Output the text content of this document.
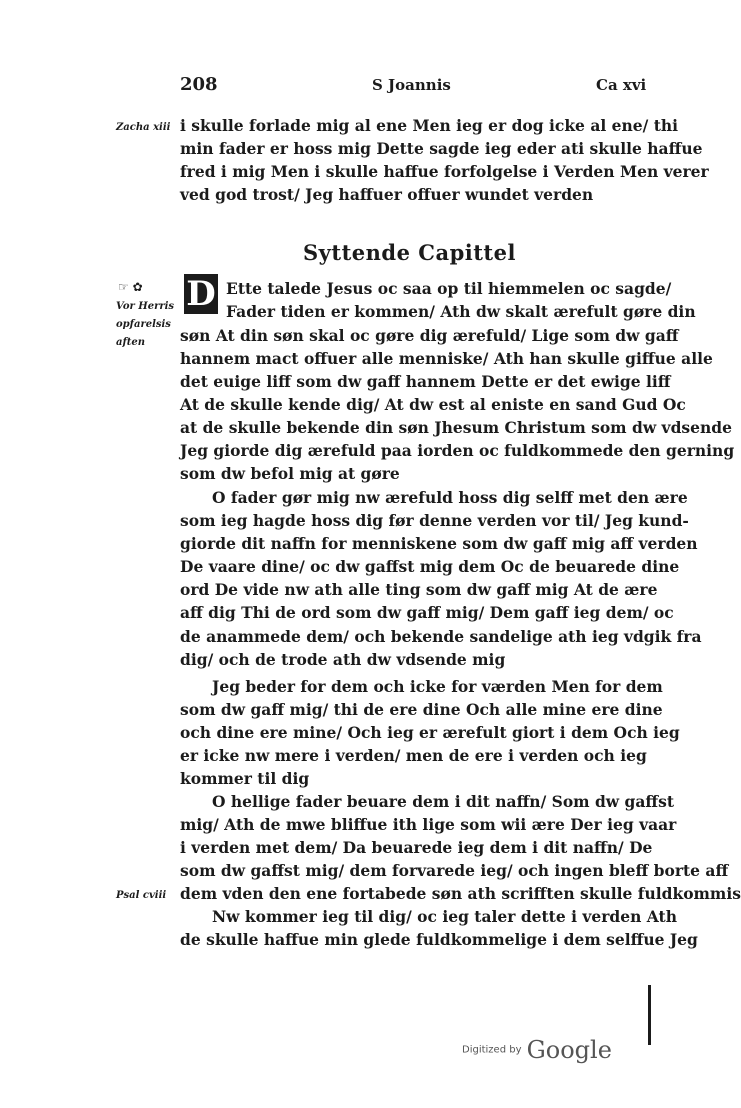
208	S Joannis	Ca xvi
Zacha xiii i skulle forlade mig al ene Men ieg er dog icke al ene/ thi
min fader er hoss mig Dette sagde ieg eder ati skulle haffue
fred i mig Men i skulle haffue forfolgelse i Verden Men verer
ved god trost/ Jeg haffuer offuer wundet verden
Syttende Capittel
☞ ✿
Vor Herris
opfarelsis
aften
D Ette talede Jesus oc saa op til hiemmelen oc sagde/
Fader tiden er kommen/ Ath dw skalt ærefult gøre din
søn At din søn skal oc gøre dig ærefuld/ Lige som dw gaff
hannem mact offuer alle menniske/ Ath han skulle giffue alle
det euige liff som dw gaff hannem Dette er det ewige liff
At de skulle kende dig/ At dw est al eniste en sand Gud Oc
at de skulle bekende din søn Jhesum Christum som dw vdsende
Jeg giorde dig ærefuld paa iorden oc fuldkommede den gerning
som dw befol mig at gøre
O fader gør mig nw ærefuld hoss dig selff met den ære
som ieg hagde hoss dig før denne verden vor til/ Jeg kund-
giorde dit naffn for menniskene som dw gaff mig aff verden
De vaare dine/ oc dw gaffst mig dem Oc de beuarede dine
ord De vide nw ath alle ting som dw gaff mig At de ære
aff dig Thi de ord som dw gaff mig/ Dem gaff ieg dem/ oc
de anammede dem/ och bekende sandelige ath ieg vdgik fra
dig/ och de trode ath dw vdsende mig
Jeg beder for dem och icke for værden Men for dem
som dw gaff mig/ thi de ere dine Och alle mine ere dine
och dine ere mine/ Och ieg er ærefult giort i dem Och ieg
er icke nw mere i verden/ men de ere i verden och ieg
kommer til dig
O hellige fader beuare dem i dit naffn/ Som dw gaffst
mig/ Ath de mwe bliffue ith lige som wii ære Der ieg vaar
i verden met dem/ Da beuarede ieg dem i dit naffn/ De
som dw gaffst mig/ dem forvarede ieg/ och ingen bleff borte aff
Psal cviii dem vden den ene fortabede søn ath scrifften skulle fuldkommis
Nw kommer ieg til dig/ oc ieg taler dette i verden Ath
de skulle haffue min glede fuldkommelige i dem selffue Jeg
Digitized by Google
